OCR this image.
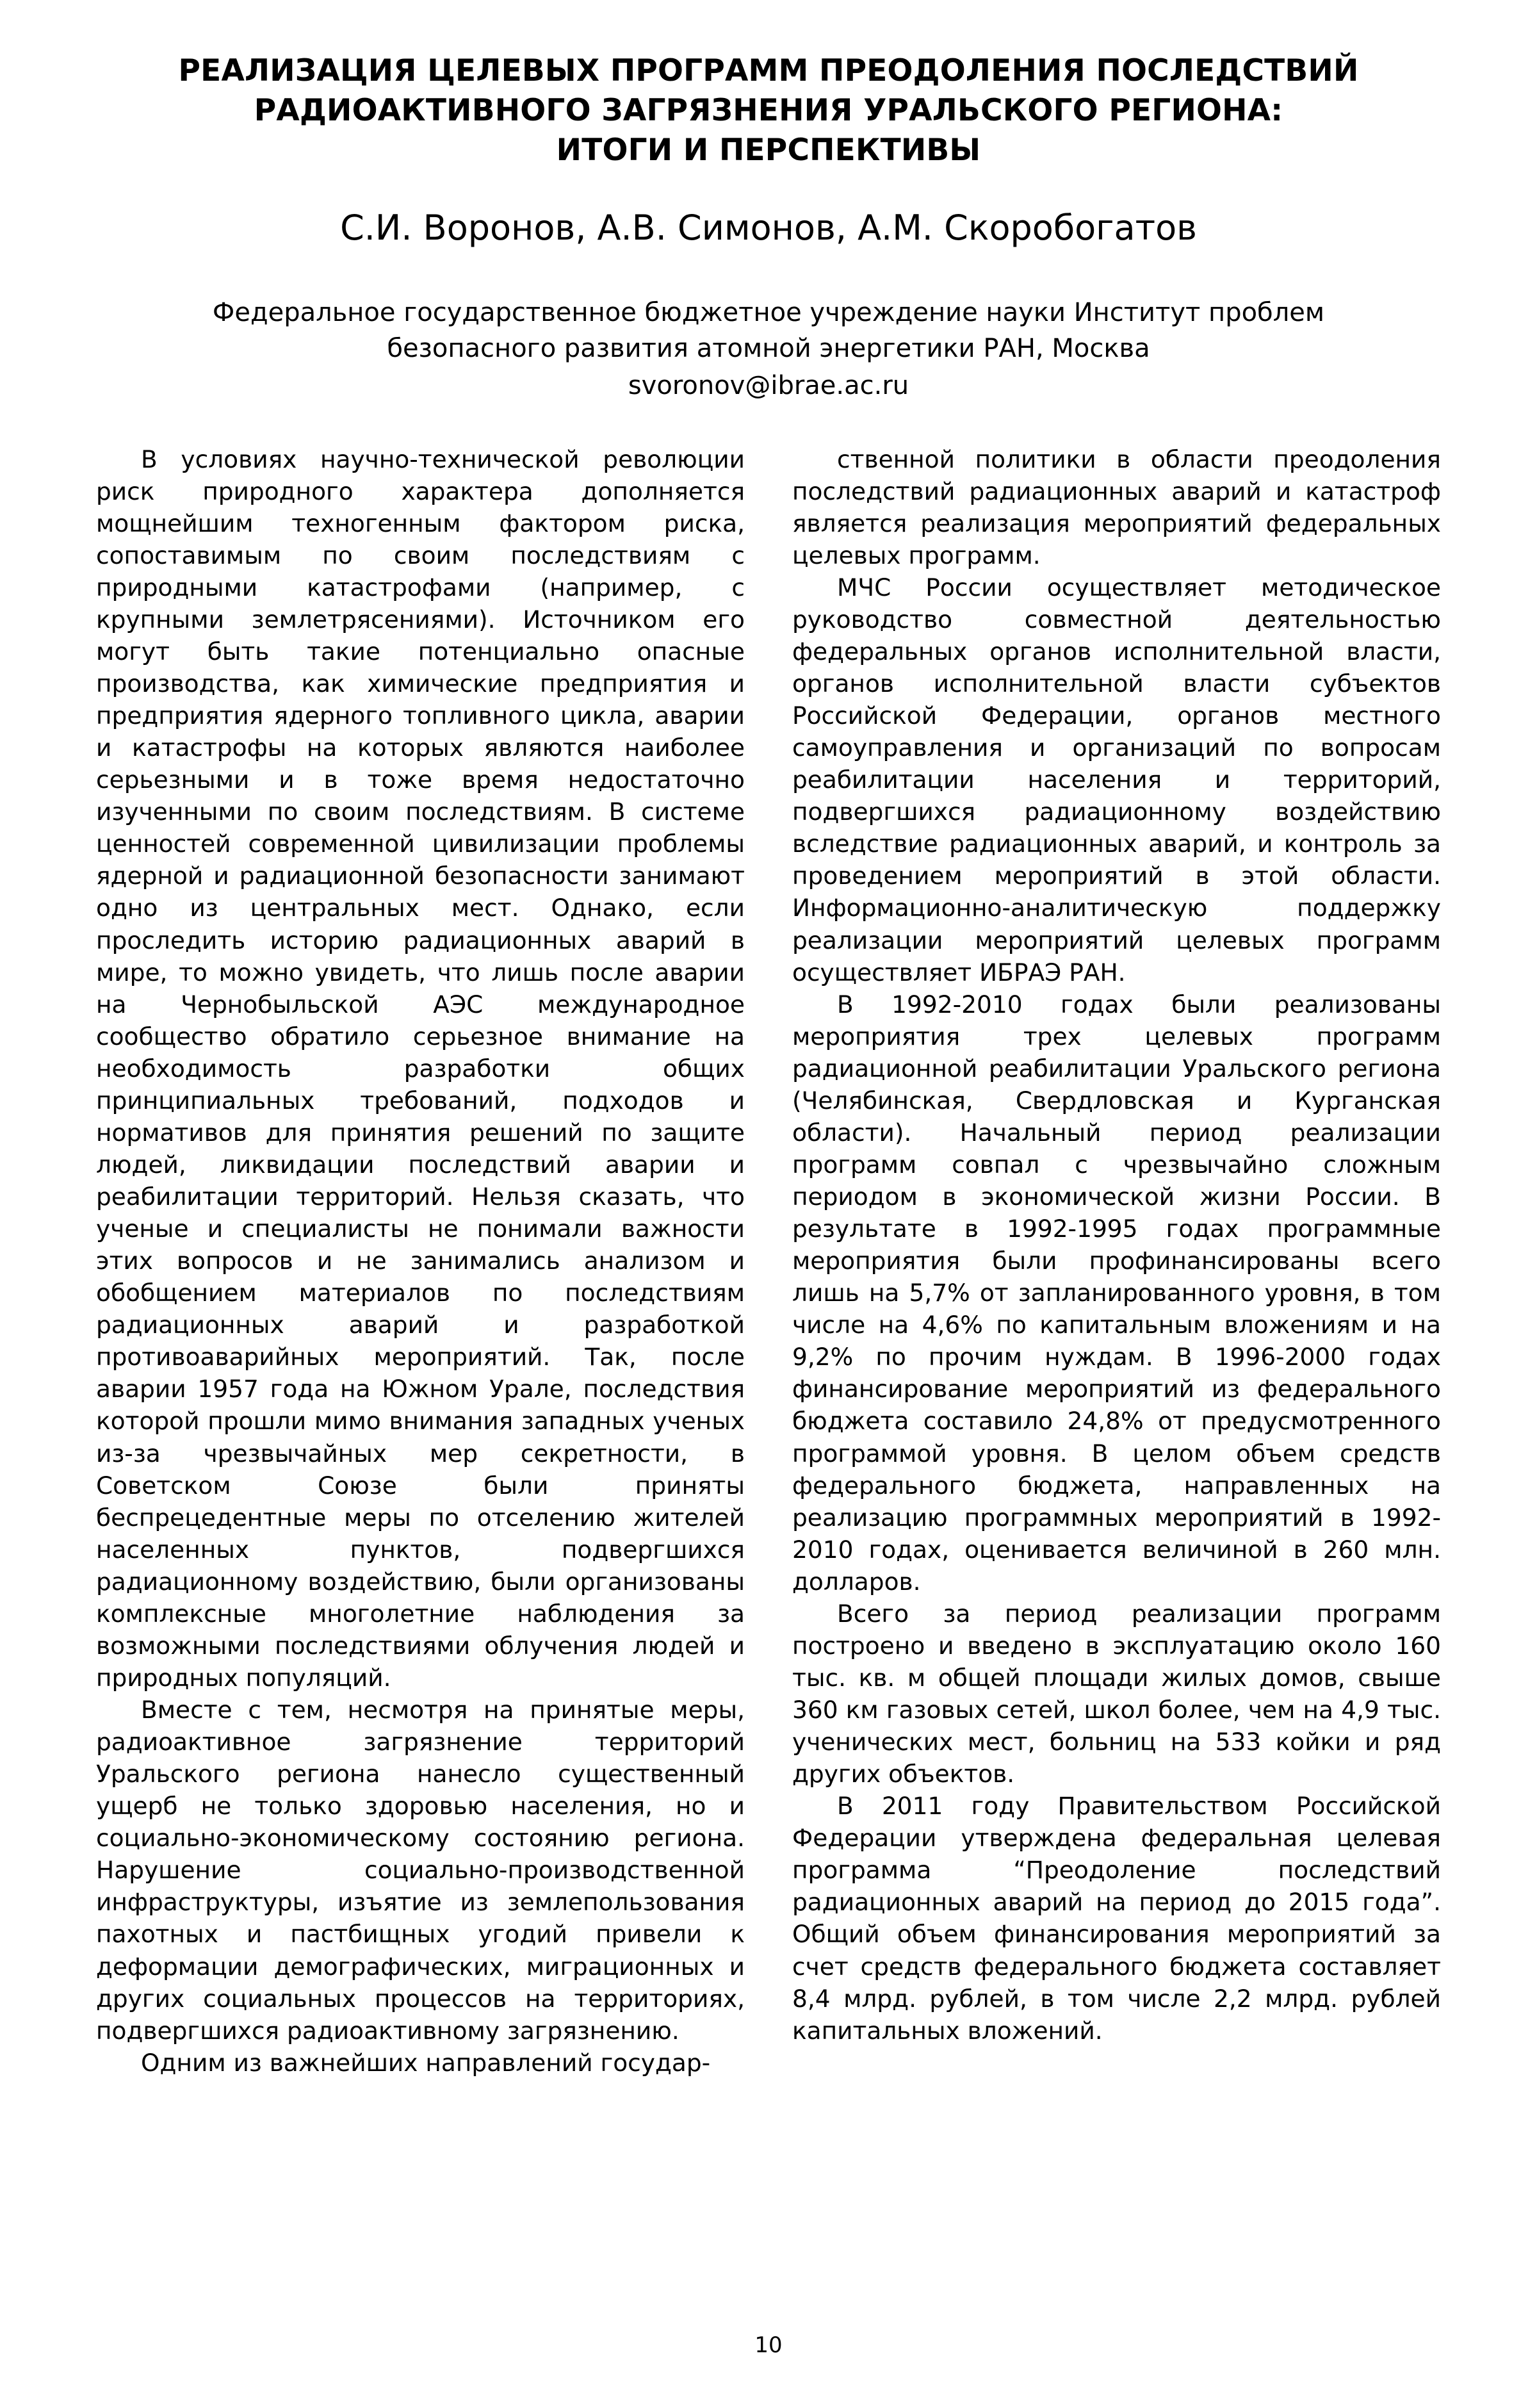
РЕАЛИЗАЦИЯ ЦЕЛЕВЫХ ПРОГРАММ ПРЕОДОЛЕНИЯ ПОСЛЕДСТВИЙ
РАДИОАКТИВНОГО ЗАГРЯЗНЕНИЯ УРАЛЬСКОГО РЕГИОНА:
ИТОГИ И ПЕРСПЕКТИВЫ
С.И. Воронов, А.В. Симонов, А.М. Скоробогатов
Федеральное государственное бюджетное учреждение науки Институт проблем
безопасного развития атомной энергетики РАН, Москва
svoronov@ibrae.ac.ru

В условиях научно-технической революции риск природного характера дополняется мощнейшим техногенным фактором риска, сопоставимым по своим последствиям с природными катастрофами (например, с крупными землетрясениями). Источником его могут быть такие потенциально опасные производства, как химические предприятия и предприятия ядерного топливного цикла, аварии и катастрофы на которых являются наиболее серьезными и в тоже время недостаточно изученными по своим последствиям. В системе ценностей современной цивилизации проблемы ядерной и радиационной безопасности занимают одно из центральных мест. Однако, если проследить историю радиационных аварий в мире, то можно увидеть, что лишь после аварии на Чернобыльской АЭС международное сообщество обратило серьезное внимание на необходимость разработки общих принципиальных требований, подходов и нормативов для принятия решений по защите людей, ликвидации последствий аварии и реабилитации территорий. Нельзя сказать, что ученые и специалисты не понимали важности этих вопросов и не занимались анализом и обобщением материалов по последствиям радиационных аварий и разработкой противоаварийных мероприятий. Так, после аварии 1957 года на Южном Урале, последствия которой прошли мимо внимания западных ученых из-за чрезвычайных мер секретности, в Советском Союзе были приняты беспрецедентные меры по отселению жителей населенных пунктов, подвергшихся радиационному воздействию, были организованы комплексные многолетние наблюдения за возможными последствиями облучения людей и природных популяций.

Вместе с тем, несмотря на принятые меры, радиоактивное загрязнение территорий Уральского региона нанесло существенный ущерб не только здоровью населения, но и социально-экономическому состоянию региона. Нарушение социально-производственной инфраструктуры, изъятие из землепользования пахотных и пастбищных угодий привели к деформации демографических, миграционных и других социальных процессов на территориях, подвергшихся радиоактивному загрязнению.

Одним из важнейших направлений государ-

ственной политики в области преодоления последствий радиационных аварий и катастроф является реализация мероприятий федеральных целевых программ.

МЧС России осуществляет методическое руководство совместной деятельностью федеральных органов исполнительной власти, органов исполнительной власти субъектов Российской Федерации, органов местного самоуправления и организаций по вопросам реабилитации населения и территорий, подвергшихся радиационному воздействию вследствие радиационных аварий, и контроль за проведением мероприятий в этой области. Информационно-аналитическую поддержку реализации мероприятий целевых программ осуществляет ИБРАЭ РАН.

В 1992-2010 годах были реализованы мероприятия трех целевых программ радиационной реабилитации Уральского региона (Челябинская, Свердловская и Курганская области). Начальный период реализации программ совпал с чрезвычайно сложным периодом в экономической жизни России. В результате в 1992-1995 годах программные мероприятия были профинансированы всего лишь на 5,7% от запланированного уровня, в том числе на 4,6% по капитальным вложениям и на 9,2% по прочим нуждам. В 1996-2000 годах финансирование мероприятий из федерального бюджета составило 24,8% от предусмотренного программой уровня. В целом объем средств федерального бюджета, направленных на реализацию программных мероприятий в 1992-2010 годах, оценивается величиной в 260 млн. долларов.

Всего за период реализации программ построено и введено в эксплуатацию около 160 тыс. кв. м общей площади жилых домов, свыше 360 км газовых сетей, школ более, чем на 4,9 тыс. ученических мест, больниц на 533 койки и ряд других объектов.

В 2011 году Правительством Российской Федерации утверждена федеральная целевая программа “Преодоление последствий радиационных аварий на период до 2015 года”. Общий объем финансирования мероприятий за счет средств федерального бюджета составляет 8,4 млрд. рублей, в том числе 2,2 млрд. рублей капитальных вложений.

10
